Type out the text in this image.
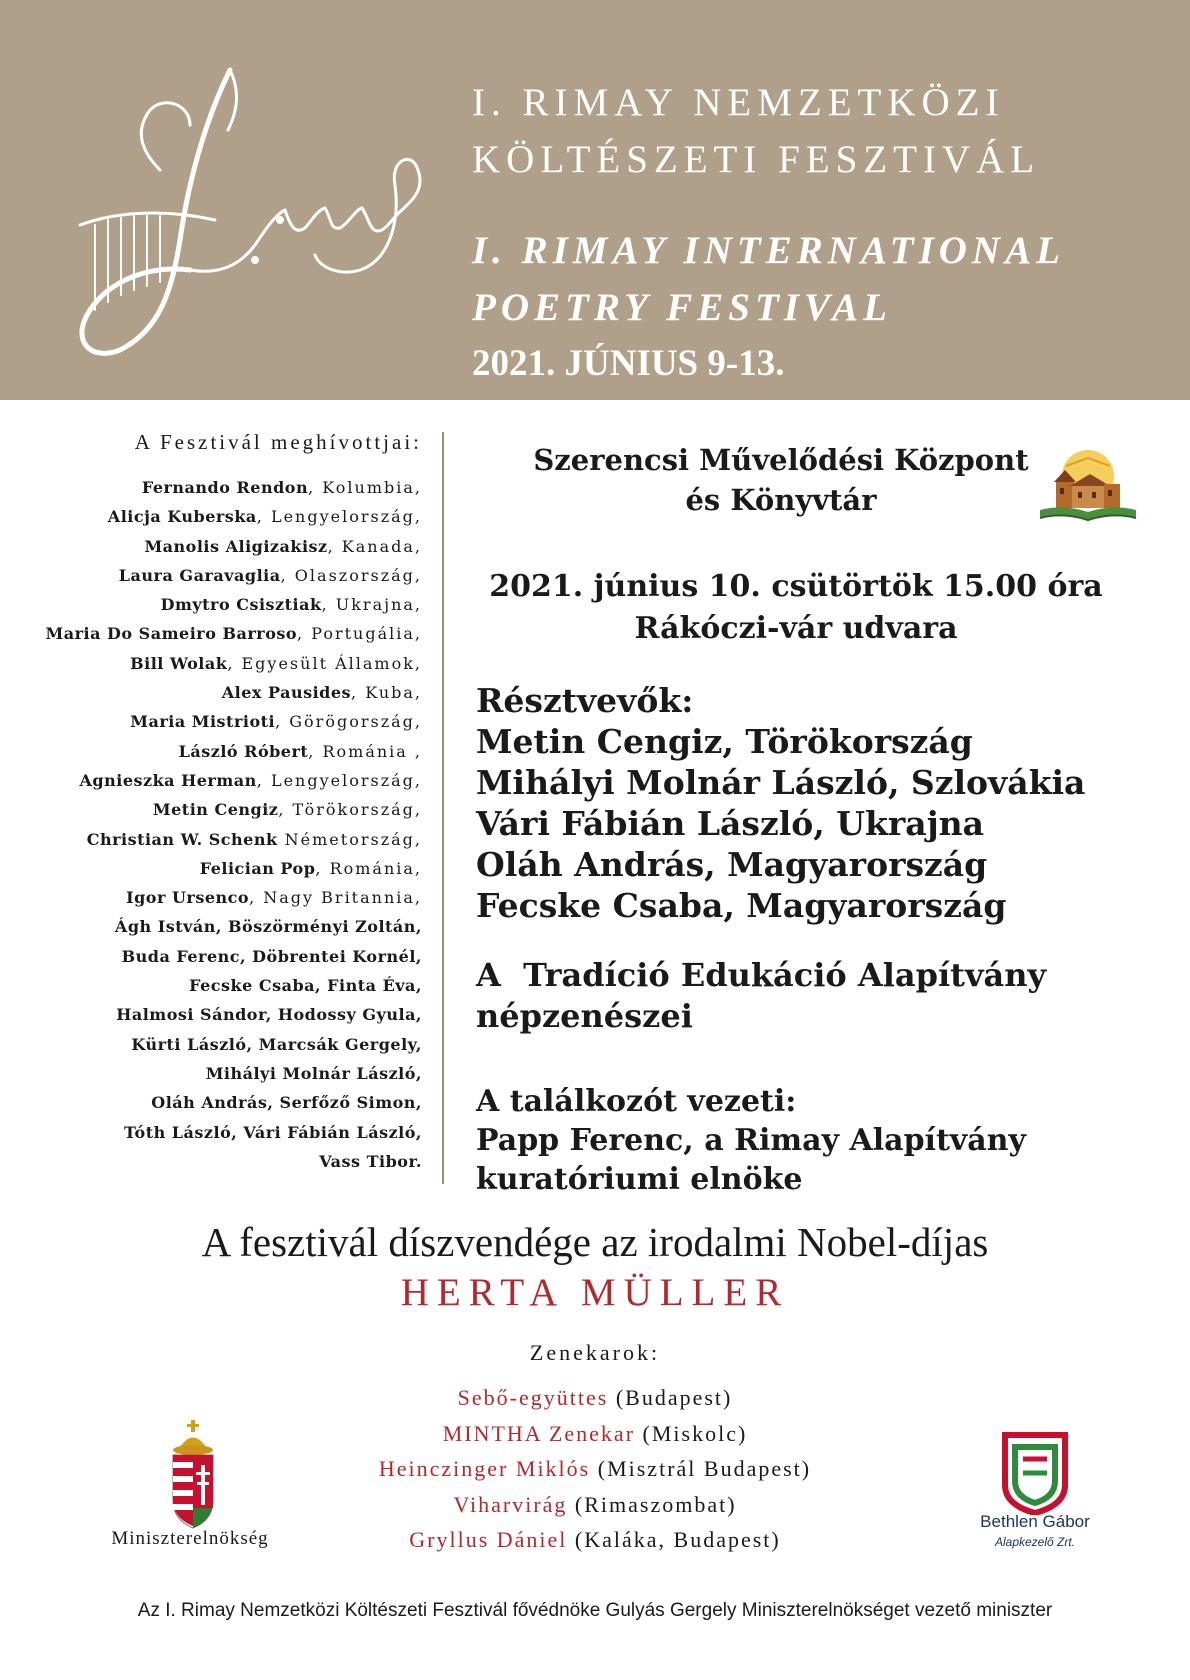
I. RIMAY NEMZETKÖZI
KÖLTÉSZETI FESZTIVÁL
I. RIMAY INTERNATIONAL
POETRY FESTIVAL
2021. JÚNIUS 9-13.
A Fesztivál meghívottjai:
Fernando Rendon, Kolumbia,
Alicja Kuberska, Lengyelország,
Manolis Aligizakisz, Kanada,
Laura Garavaglia, Olaszország,
Dmytro Csisztiak, Ukrajna,
Maria Do Sameiro Barroso, Portugália,
Bill Wolak, Egyesült Államok,
Alex Pausides, Kuba,
Maria Mistrioti, Görögország,
László Róbert, Románia ,
Agnieszka Herman, Lengyelország,
Metin Cengiz, Törökország,
Christian W. Schenk Németország,
Felician Pop, Románia,
Igor Ursenco, Nagy Britannia,
Ágh István, Böszörményi Zoltán,
Buda Ferenc, Döbrentei Kornél,
Fecske Csaba, Finta Éva,
Halmosi Sándor, Hodossy Gyula,
Kürti László, Marcsák Gergely,
Mihályi Molnár László,
Oláh András, Serfőző Simon,
Tóth László, Vári Fábián László,
Vass Tibor.
Szerencsi Művelődési Központ
és Könyvtár
2021. június 10. csütörtök 15.00 óra
Rákóczi-vár udvara
Résztvevők:
Metin Cengiz, Törökország
Mihályi Molnár László, Szlovákia
Vári Fábián László, Ukrajna
Oláh András, Magyarország
Fecske Csaba, Magyarország
A  Tradíció Edukáció Alapítvány
népzenészei
A találkozót vezeti:
Papp Ferenc, a Rimay Alapítvány
kuratóriumi elnöke
A fesztivál díszvendége az irodalmi Nobel-díjas
HERTA MÜLLER
Zenekarok:
Sebő-együttes (Budapest)
MINTHA Zenekar (Miskolc)
Heinczinger Miklós (Misztrál Budapest)
Viharvirág (Rimaszombat)
Gryllus Dániel (Kaláka, Budapest)
Miniszterelnökség
Bethlen Gábor
Alapkezelő Zrt.
Az I. Rimay Nemzetközi Költészeti Fesztivál fővédnöke Gulyás Gergely Miniszterelnökséget vezető miniszter
